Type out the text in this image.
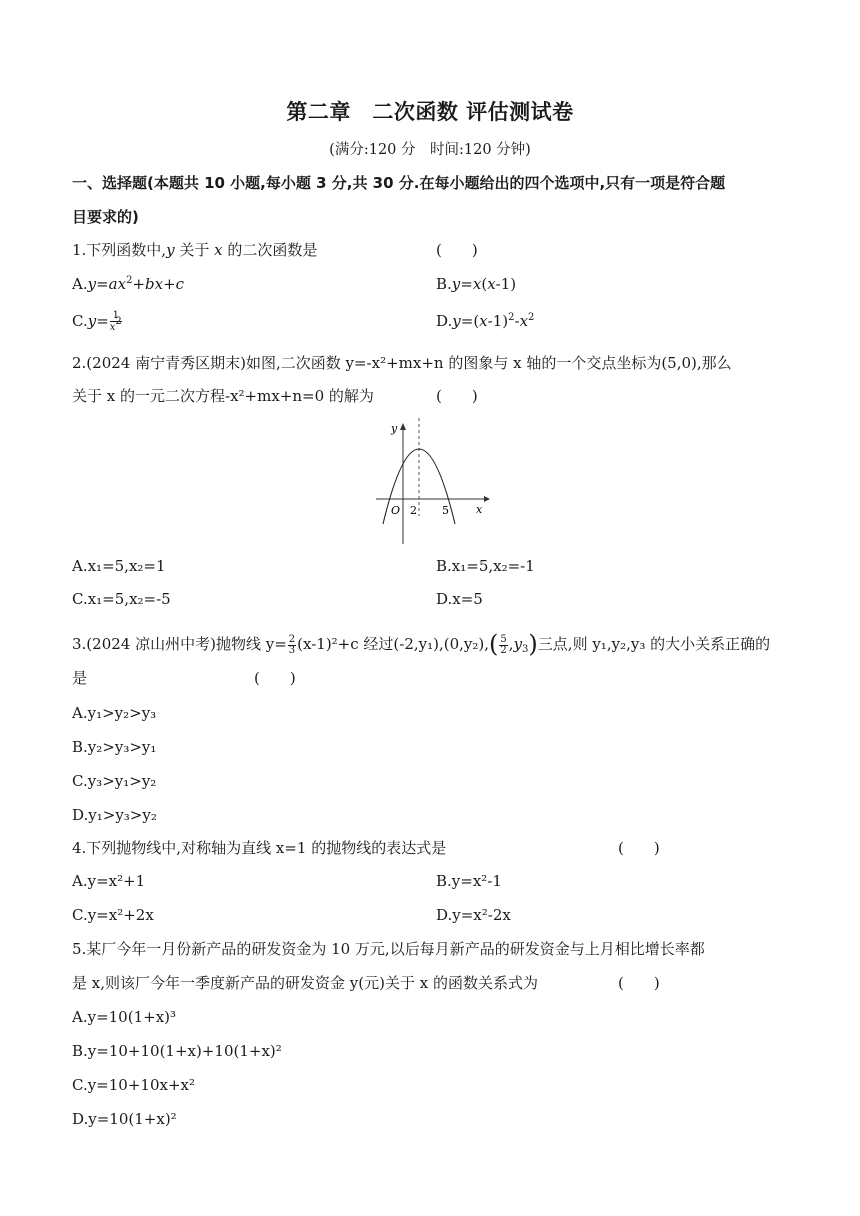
第二章　二次函数 评估测试卷
(满分:120 分　时间:120 分钟)
一、选择题(本题共 10 小题,每小题 3 分,共 30 分.在每小题给出的四个选项中,只有一项是符合题
目要求的)
1.下列函数中,y 关于 x 的二次函数是	(　　)
$A.y=ax^2+bx+c$	B.y=x(x-1)
$C.y= \frac{1}{x^2}$	$D.y=(x-1)^2-x^2$
2.(2024 南宁青秀区期末)如图,二次函数 y=-x²+mx+n 的图象与 x 轴的一个交点坐标为(5,0),那么
关于 x 的一元二次方程-x²+mx+n=0 的解为	(　　)
y
x
O 2 5
A.x₁=5,x₂=1	B.x₁=5,x₂=-1
C.x₁=5,x₂=-5	D.x=5
3.(2024 凉山州中考)抛物线 $y= \frac{2}{3} (x-1)^2+c$ 经过$(-2,y_1),(0,y_2),( \frac{5}{2} ,y_3)$三点,则 y₁,y₂,y₃ 的大小关系正确的
是	(　　)
A.y₁>y₂>y₃
B.y₂>y₃>y₁
C.y₃>y₁>y₂
D.y₁>y₃>y₂
4.下列抛物线中,对称轴为直线 x=1 的抛物线的表达式是	(　　)
A.y=x²+1	B.y=x²-1
C.y=x²+2x	D.y=x²-2x
5.某厂今年一月份新产品的研发资金为 10 万元,以后每月新产品的研发资金与上月相比增长率都
是 x,则该厂今年一季度新产品的研发资金 y(元)关于 x 的函数关系式为	(　　)
A.y=10(1+x)³
B.y=10+10(1+x)+10(1+x)²
C.y=10+10x+x²
D.y=10(1+x)²
